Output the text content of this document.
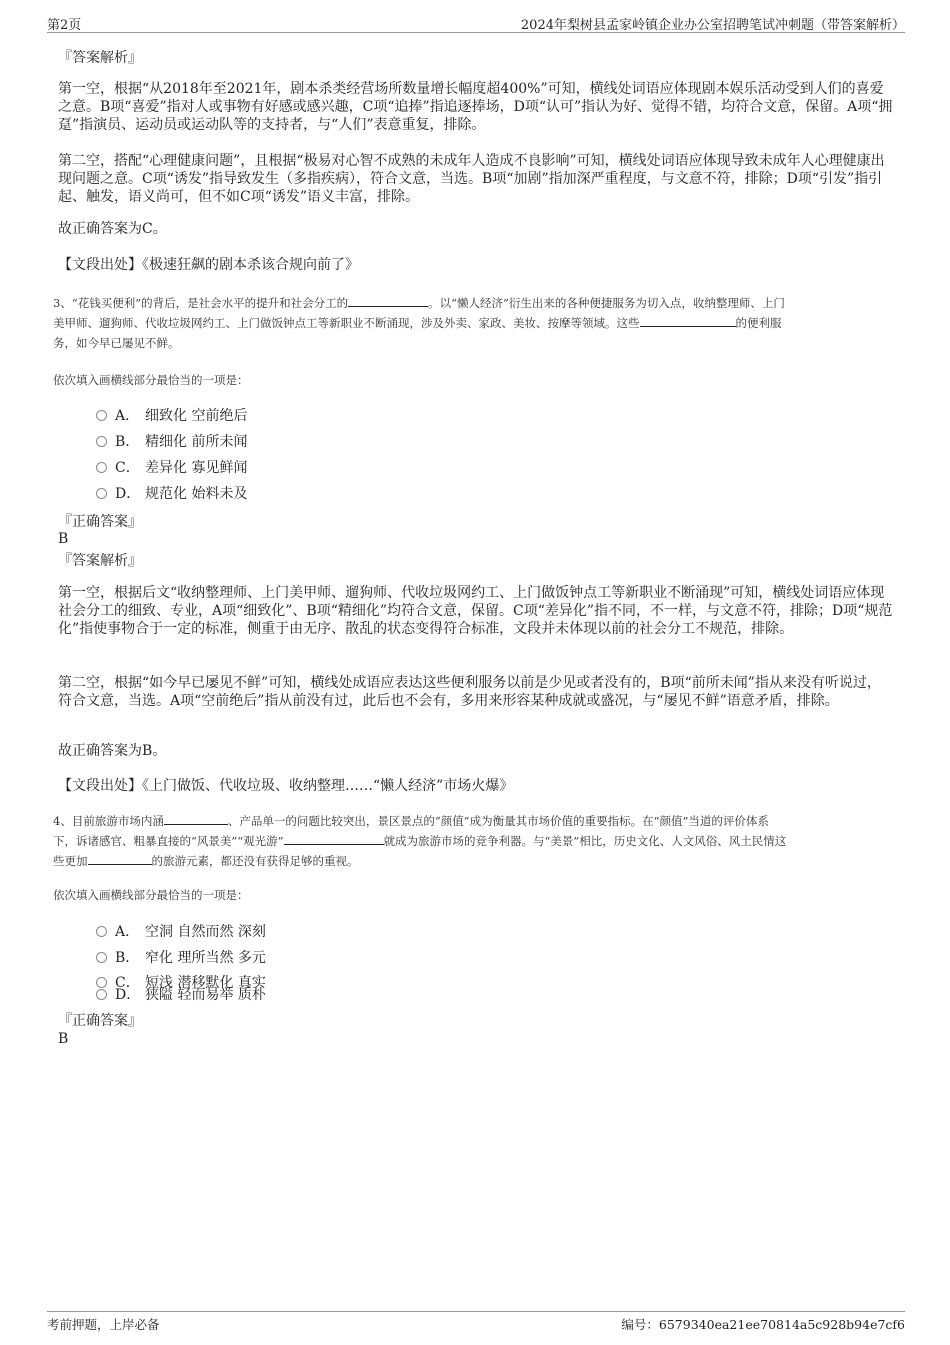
第2页	2024年梨树县孟家岭镇企业办公室招聘笔试冲刺题（带答案解析）

『答案解析』

第一空，根据“从2018年至2021年，剧本杀类经营场所数量增长幅度超400%”可知，横线处词语应体现剧本娱乐活动受到人们的喜爱之意。B项“喜爱”指对人或事物有好感或感兴趣，C项“追捧”指追逐捧场，D项“认可”指认为好、觉得不错，均符合文意，保留。A项“拥趸”指演员、运动员或运动队等的支持者，与“人们”表意重复，排除。

第二空，搭配“心理健康问题”，且根据“极易对心智不成熟的未成年人造成不良影响”可知，横线处词语应体现导致未成年人心理健康出现问题之意。C项“诱发”指导致发生（多指疾病），符合文意，当选。B项“加剧”指加深严重程度，与文意不符，排除；D项“引发”指引起、触发，语义尚可，但不如C项“诱发”语义丰富，排除。

故正确答案为C。

【文段出处】《极速狂飙的剧本杀该合规向前了》

3、“花钱买便利”的背后，是社会水平的提升和社会分工的	。以“懒人经济”衍生出来的各种便捷服务为切入点，收纳整理师、上门
美甲师、遛狗师、代收垃圾网约工、上门做饭钟点工等新职业不断涌现，涉及外卖、家政、美妆、按摩等领域。这些	的便利服
务，如今早已屡见不鲜。

依次填入画横线部分最恰当的一项是：

A． 细致化 空前绝后
B． 精细化 前所未闻
C． 差异化 寡见鲜闻
D． 规范化 始料未及

『正确答案』

B

『答案解析』

第一空，根据后文“收纳整理师、上门美甲师、遛狗师、代收垃圾网约工、上门做饭钟点工等新职业不断涌现”可知，横线处词语应体现社会分工的细致、专业，A项“细致化”、B项“精细化”均符合文意，保留。C项“差异化”指不同，不一样，与文意不符，排除；D项“规范化”指使事物合于一定的标准，侧重于由无序、散乱的状态变得符合标准，文段并未体现以前的社会分工不规范，排除。

第二空，根据“如今早已屡见不鲜”可知，横线处成语应表达这些便利服务以前是少见或者没有的，B项“前所未闻”指从来没有听说过，符合文意，当选。A项“空前绝后”指从前没有过，此后也不会有，多用来形容某种成就或盛况，与“屡见不鲜”语意矛盾，排除。

故正确答案为B。

【文段出处】《上门做饭、代收垃圾、收纳整理……“懒人经济”市场火爆》

4、目前旅游市场内涵	、产品单一的问题比较突出，景区景点的“颜值”成为衡量其市场价值的重要指标。在“颜值”当道的评价体系
下，诉诸感官、粗暴直接的“风景美”“观光游”	就成为旅游市场的竞争利器。与“美景”相比，历史文化、人文风俗、风土民情这
些更加	的旅游元素，都还没有获得足够的重视。

依次填入画横线部分最恰当的一项是：

A． 空洞 自然而然 深刻
B． 窄化 理所当然 多元
C． 短浅 潜移默化 真实
D． 狭隘 轻而易举 质朴

『正确答案』

B

考前押题，上岸必备	编号：6579340ea21ee70814a5c928b94e7cf6
